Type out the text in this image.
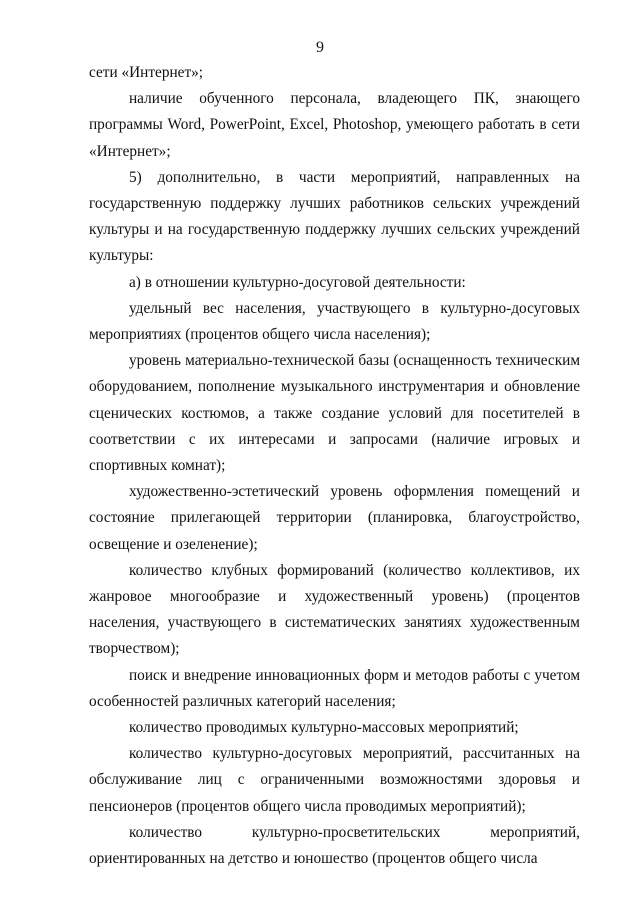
9

сети «Интернет»;

наличие обученного персонала, владеющего ПК, знающего программы Word, PowerPoint, Excel, Photoshop, умеющего работать в сети «Интернет»;

5) дополнительно, в части мероприятий, направленных на государственную поддержку лучших работников сельских учреждений культуры и на государственную поддержку лучших сельских учреждений культуры:

а) в отношении культурно-досуговой деятельности:

удельный вес населения, участвующего в культурно-досуговых мероприятиях (процентов общего числа населения);

уровень материально-технической базы (оснащенность техническим оборудованием, пополнение музыкального инструментария и обновление сценических костюмов, а также создание условий для посетителей в соответствии с их интересами и запросами (наличие игровых и спортивных комнат);

художественно-эстетический уровень оформления помещений и состояние прилегающей территории (планировка, благоустройство, освещение и озеленение);

количество клубных формирований (количество коллективов, их жанровое многообразие и художественный уровень) (процентов населения, участвующего в систематических занятиях художественным творчеством);

поиск и внедрение инновационных форм и методов работы с учетом особенностей различных категорий населения;

количество проводимых культурно-массовых мероприятий;

количество культурно-досуговых мероприятий, рассчитанных на обслуживание лиц с ограниченными возможностями здоровья и пенсионеров (процентов общего числа проводимых мероприятий);

количество культурно-просветительских мероприятий, ориентированных на детство и юношество (процентов общего числа
